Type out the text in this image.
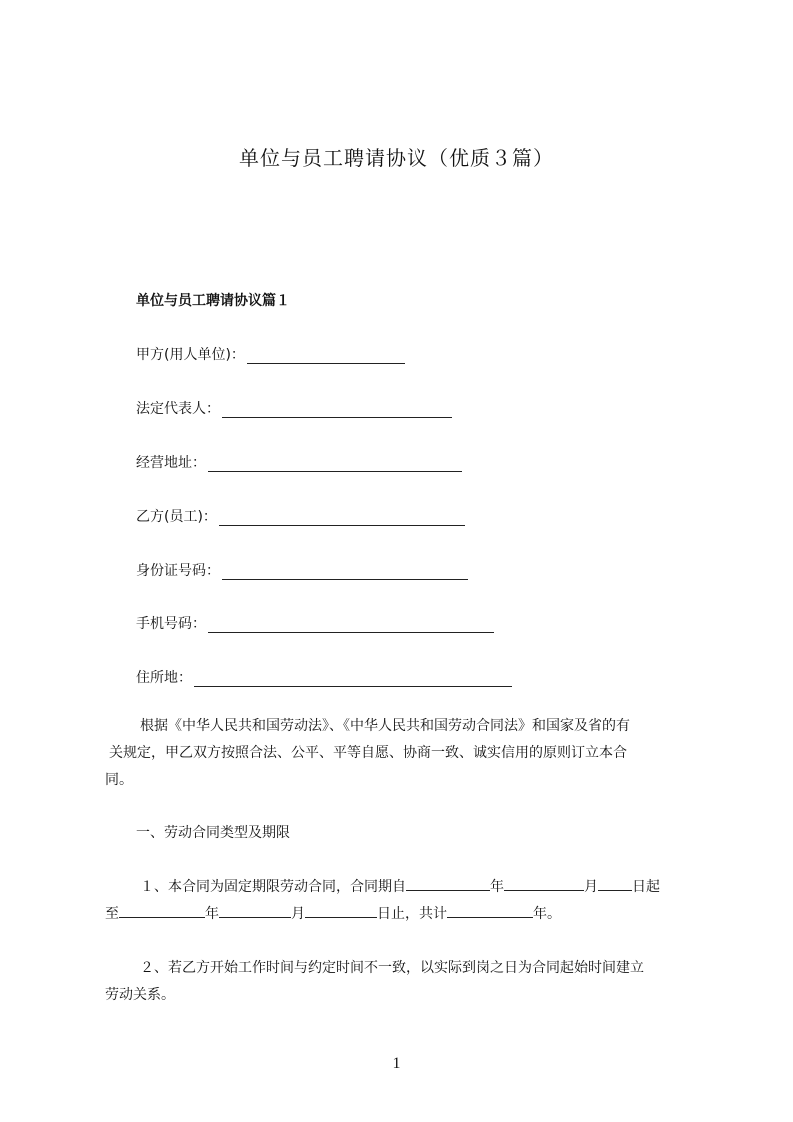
单位与员工聘请协议（优质３篇）
单位与员工聘请协议篇１
甲方(用人单位)：
法定代表人：
经营地址：
乙方(员工)：
身份证号码：
手机号码：
住所地：
根据《中华人民共和国劳动法》、《中华人民共和国劳动合同法》和国家及省的有
关规定，甲乙双方按照合法、公平、平等自愿、协商一致、诚实信用的原则订立本合
同。
一、劳动合同类型及期限
１、本合同为固定期限劳动合同，合同期自	年	月 日起
至	年	月	日止，共计	年。
２、若乙方开始工作时间与约定时间不一致，以实际到岗之日为合同起始时间建立
劳动关系。
1
